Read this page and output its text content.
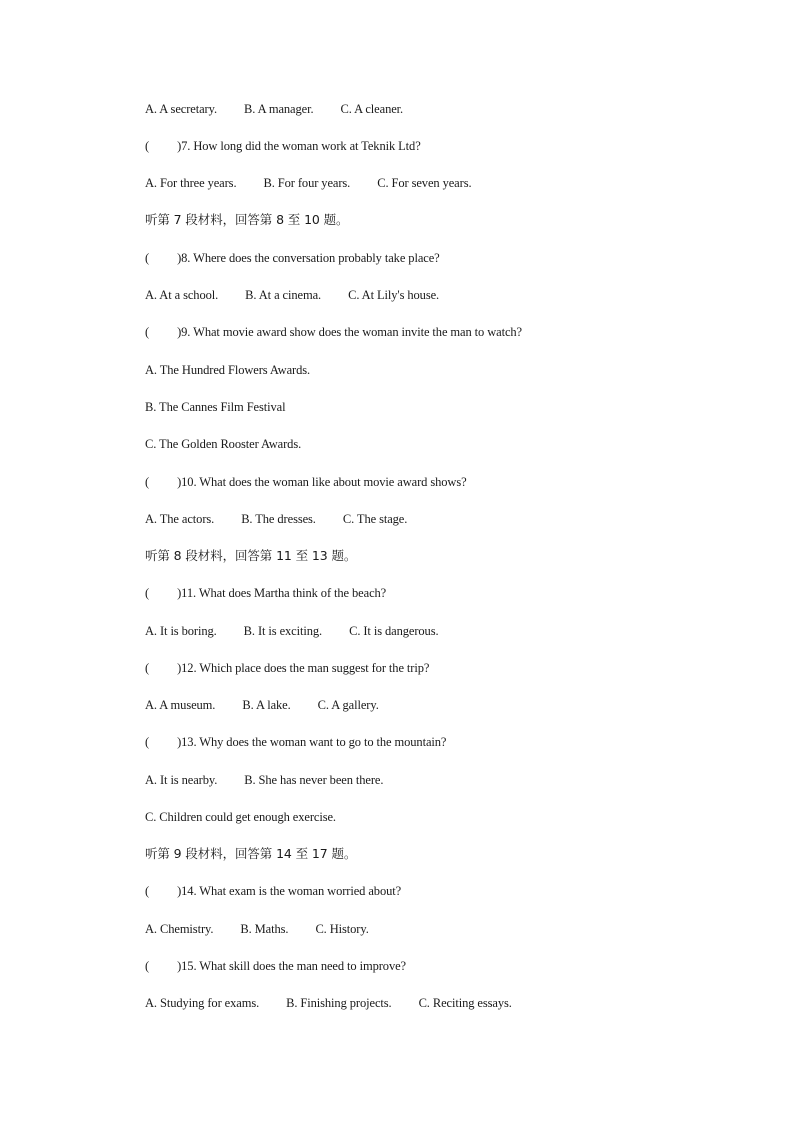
A. A secretary. B. A manager. C. A cleaner.
( )7. How long did the woman work at Teknik Ltd?
A. For three years. B. For four years. C. For seven years.
听第 7 段材料，回答第 8 至 10 题。
( )8. Where does the conversation probably take place?
A. At a school. B. At a cinema. C. At Lily's house.
( )9. What movie award show does the woman invite the man to watch?
A. The Hundred Flowers Awards.
B. The Cannes Film Festival
C. The Golden Rooster Awards.
( )10. What does the woman like about movie award shows?
A. The actors. B. The dresses. C. The stage.
听第 8 段材料，回答第 11 至 13 题。
( )11. What does Martha think of the beach?
A. It is boring. B. It is exciting. C. It is dangerous.
( )12. Which place does the man suggest for the trip?
A. A museum. B. A lake. C. A gallery.
( )13. Why does the woman want to go to the mountain?
A. It is nearby. B. She has never been there.
C. Children could get enough exercise.
听第 9 段材料，回答第 14 至 17 题。
( )14. What exam is the woman worried about?
A. Chemistry. B. Maths. C. History.
( )15. What skill does the man need to improve?
A. Studying for exams. B. Finishing projects. C. Reciting essays.
